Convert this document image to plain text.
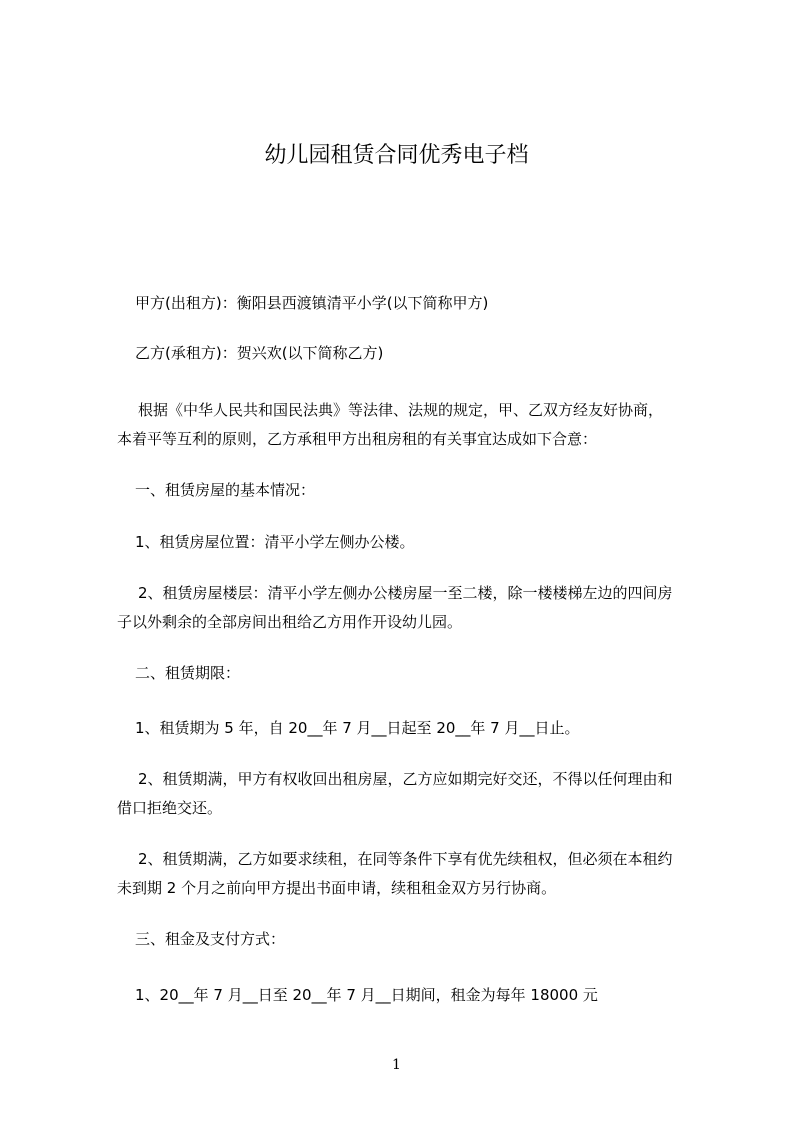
幼儿园租赁合同优秀电子档
甲方(出租方)：衡阳县西渡镇清平小学(以下简称甲方)
乙方(承租方)：贺兴欢(以下简称乙方)
根据《中华人民共和国民法典》等法律、法规的规定，甲、乙双方经友好协商，
本着平等互利的原则，乙方承租甲方出租房租的有关事宜达成如下合意：
一、租赁房屋的基本情况：
1、租赁房屋位置：清平小学左侧办公楼。
2、租赁房屋楼层：清平小学左侧办公楼房屋一至二楼，除一楼楼梯左边的四间房
子以外剩余的全部房间出租给乙方用作开设幼儿园。
二、租赁期限：
1、租赁期为 5 年，自 20__年 7 月__日起至 20__年 7 月__日止。
2、租赁期满，甲方有权收回出租房屋，乙方应如期完好交还，不得以任何理由和
借口拒绝交还。
2、租赁期满，乙方如要求续租，在同等条件下享有优先续租权，但必须在本租约
未到期 2 个月之前向甲方提出书面申请，续租租金双方另行协商。
三、租金及支付方式：
1、20__年 7 月__日至 20__年 7 月__日期间，租金为每年 18000 元
1
